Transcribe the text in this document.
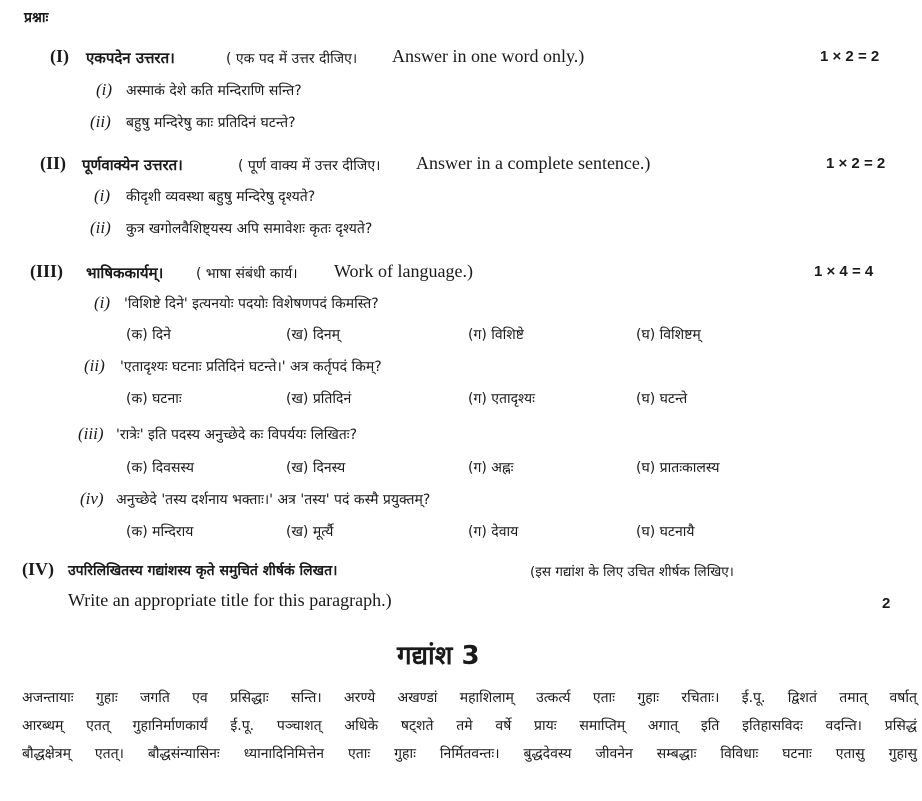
प्रश्नाः
(I) एकपदेन उत्तरत।	( एक पद में उत्तर दीजिए। Answer in one word only.)	1 × 2 = 2
(i) अस्माकं देशे कति मन्दिराणि सन्ति?
(ii) बहुषु मन्दिरेषु काः प्रतिदिनं घटन्ते?
(II) पूर्णवाक्येन उत्तरत।	( पूर्ण वाक्य में उत्तर दीजिए। Answer in a complete sentence.)	1 × 2 = 2
(i) कीदृशी व्यवस्था बहुषु मन्दिरेषु दृश्यते?
(ii) कुत्र खगोलवैशिष्ट्यस्य अपि समावेशः कृतः दृश्यते?
(III) भाषिककार्यम्। ( भाषा संबंधी कार्य। Work of language.)	1 × 4 = 4
(i) 'विशिष्टे दिने' इत्यनयोः पदयोः विशेषणपदं किमस्ति?
(क) दिने	(ख) दिनम्	(ग) विशिष्टे	(घ) विशिष्टम्
(ii) 'एतादृश्यः घटनाः प्रतिदिनं घटन्ते।' अत्र कर्तृपदं किम्?
(क) घटनाः	(ख) प्रतिदिनं	(ग) एतादृश्यः	(घ) घटन्ते
(iii) 'रात्रेः' इति पदस्य अनुच्छेदे कः विपर्ययः लिखितः?
(क) दिवसस्य	(ख) दिनस्य	(ग) अह्नः	(घ) प्रातःकालस्य
(iv) अनुच्छेदे 'तस्य दर्शनाय भक्ताः।' अत्र 'तस्य' पदं कस्मै प्रयुक्तम्?
(क) मन्दिराय	(ख) मूर्त्यै	(ग) देवाय	(घ) घटनायै
(IV) उपरिलिखितस्य गद्यांशस्य कृते समुचितं शीर्षकं लिखत।	(इस गद्यांश के लिए उचित शीर्षक लिखिए।
Write an appropriate title for this paragraph.)	2
गद्यांश 3
अजन्तायाः गुहाः जगति एव प्रसिद्धाः सन्ति। अरण्ये अखण्डां महाशिलाम् उत्कर्त्य एताः गुहाः रचिताः। ई.पू. द्विशतं तमात् वर्षात्
आरब्धम् एतत् गुहानिर्माणकार्यं ई.पू. पञ्चाशत् अधिके षट्शते तमे वर्षे प्रायः समाप्तिम् अगात् इति इतिहासविदः वदन्ति। प्रसिद्धं
बौद्धक्षेत्रम् एतत्। बौद्धसंन्यासिनः ध्यानादिनिमित्तेन एताः गुहाः निर्मितवन्तः। बुद्धदेवस्य जीवनेन सम्बद्धाः विविधाः घटनाः एतासु गुहासु
